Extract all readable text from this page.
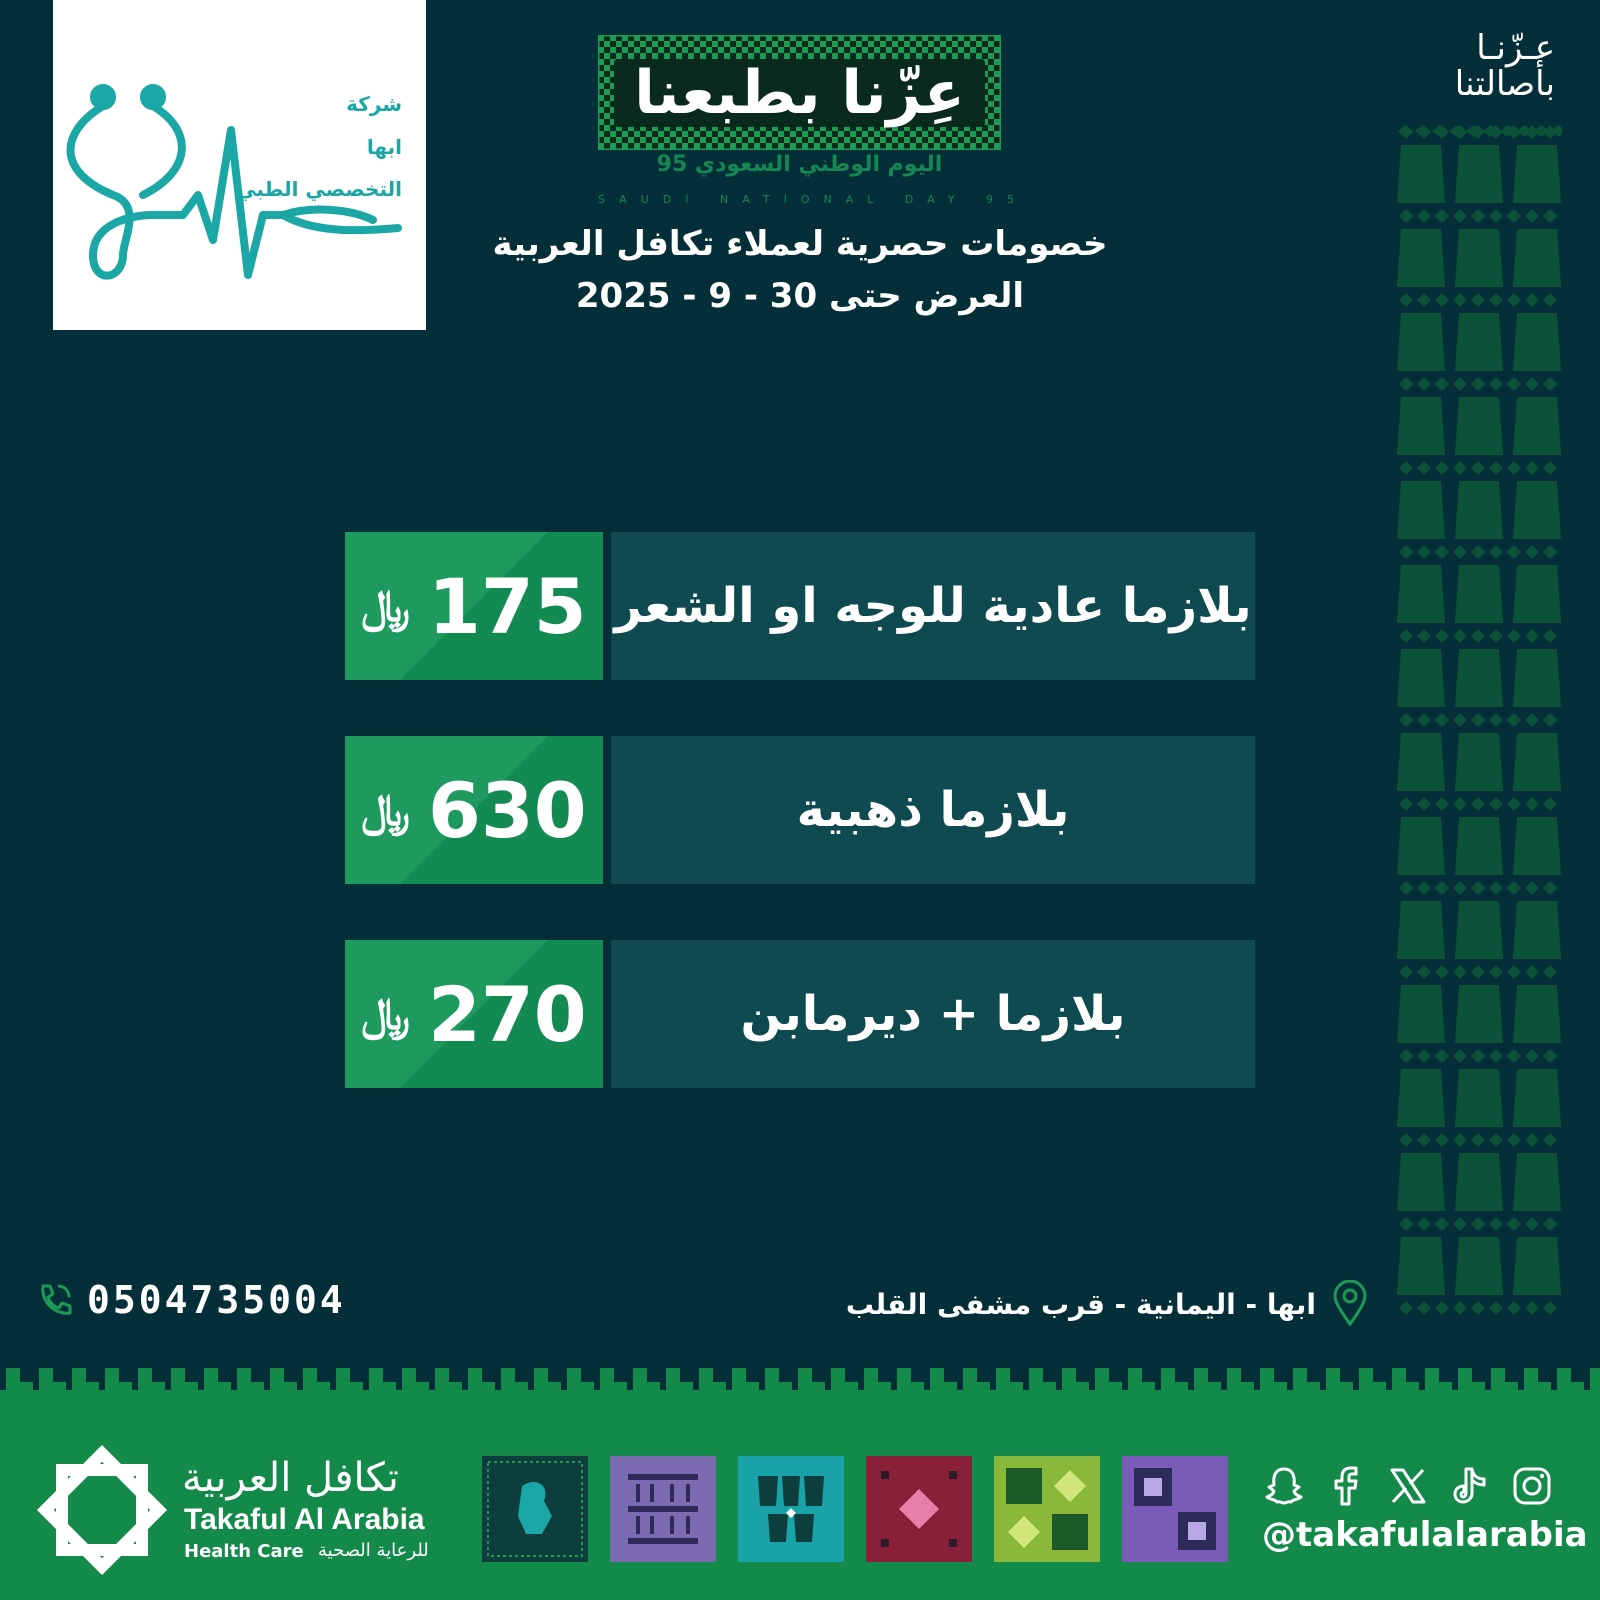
شركة
ابها
التخصصي الطبي
عِزّنا بطبعنا
اليوم الوطني السعودي 95
SAUDI NATIONAL DAY 95
عـزّنـا
بأصالتنا
خصومات حصرية لعملاء تكافل العربية
العرض حتى 30 - 9 - 2025
﷼ 175 بلازما عادية للوجه او الشعر
﷼ 630	بلازما ذهبية
﷼ 270	بلازما + ديرمابن
0504735004	ابها - اليمانية - قرب مشفى القلب
تكافل العربية
Takaful Al Arabia
Health Care للرعاية الصحية	@takafulalarabia
